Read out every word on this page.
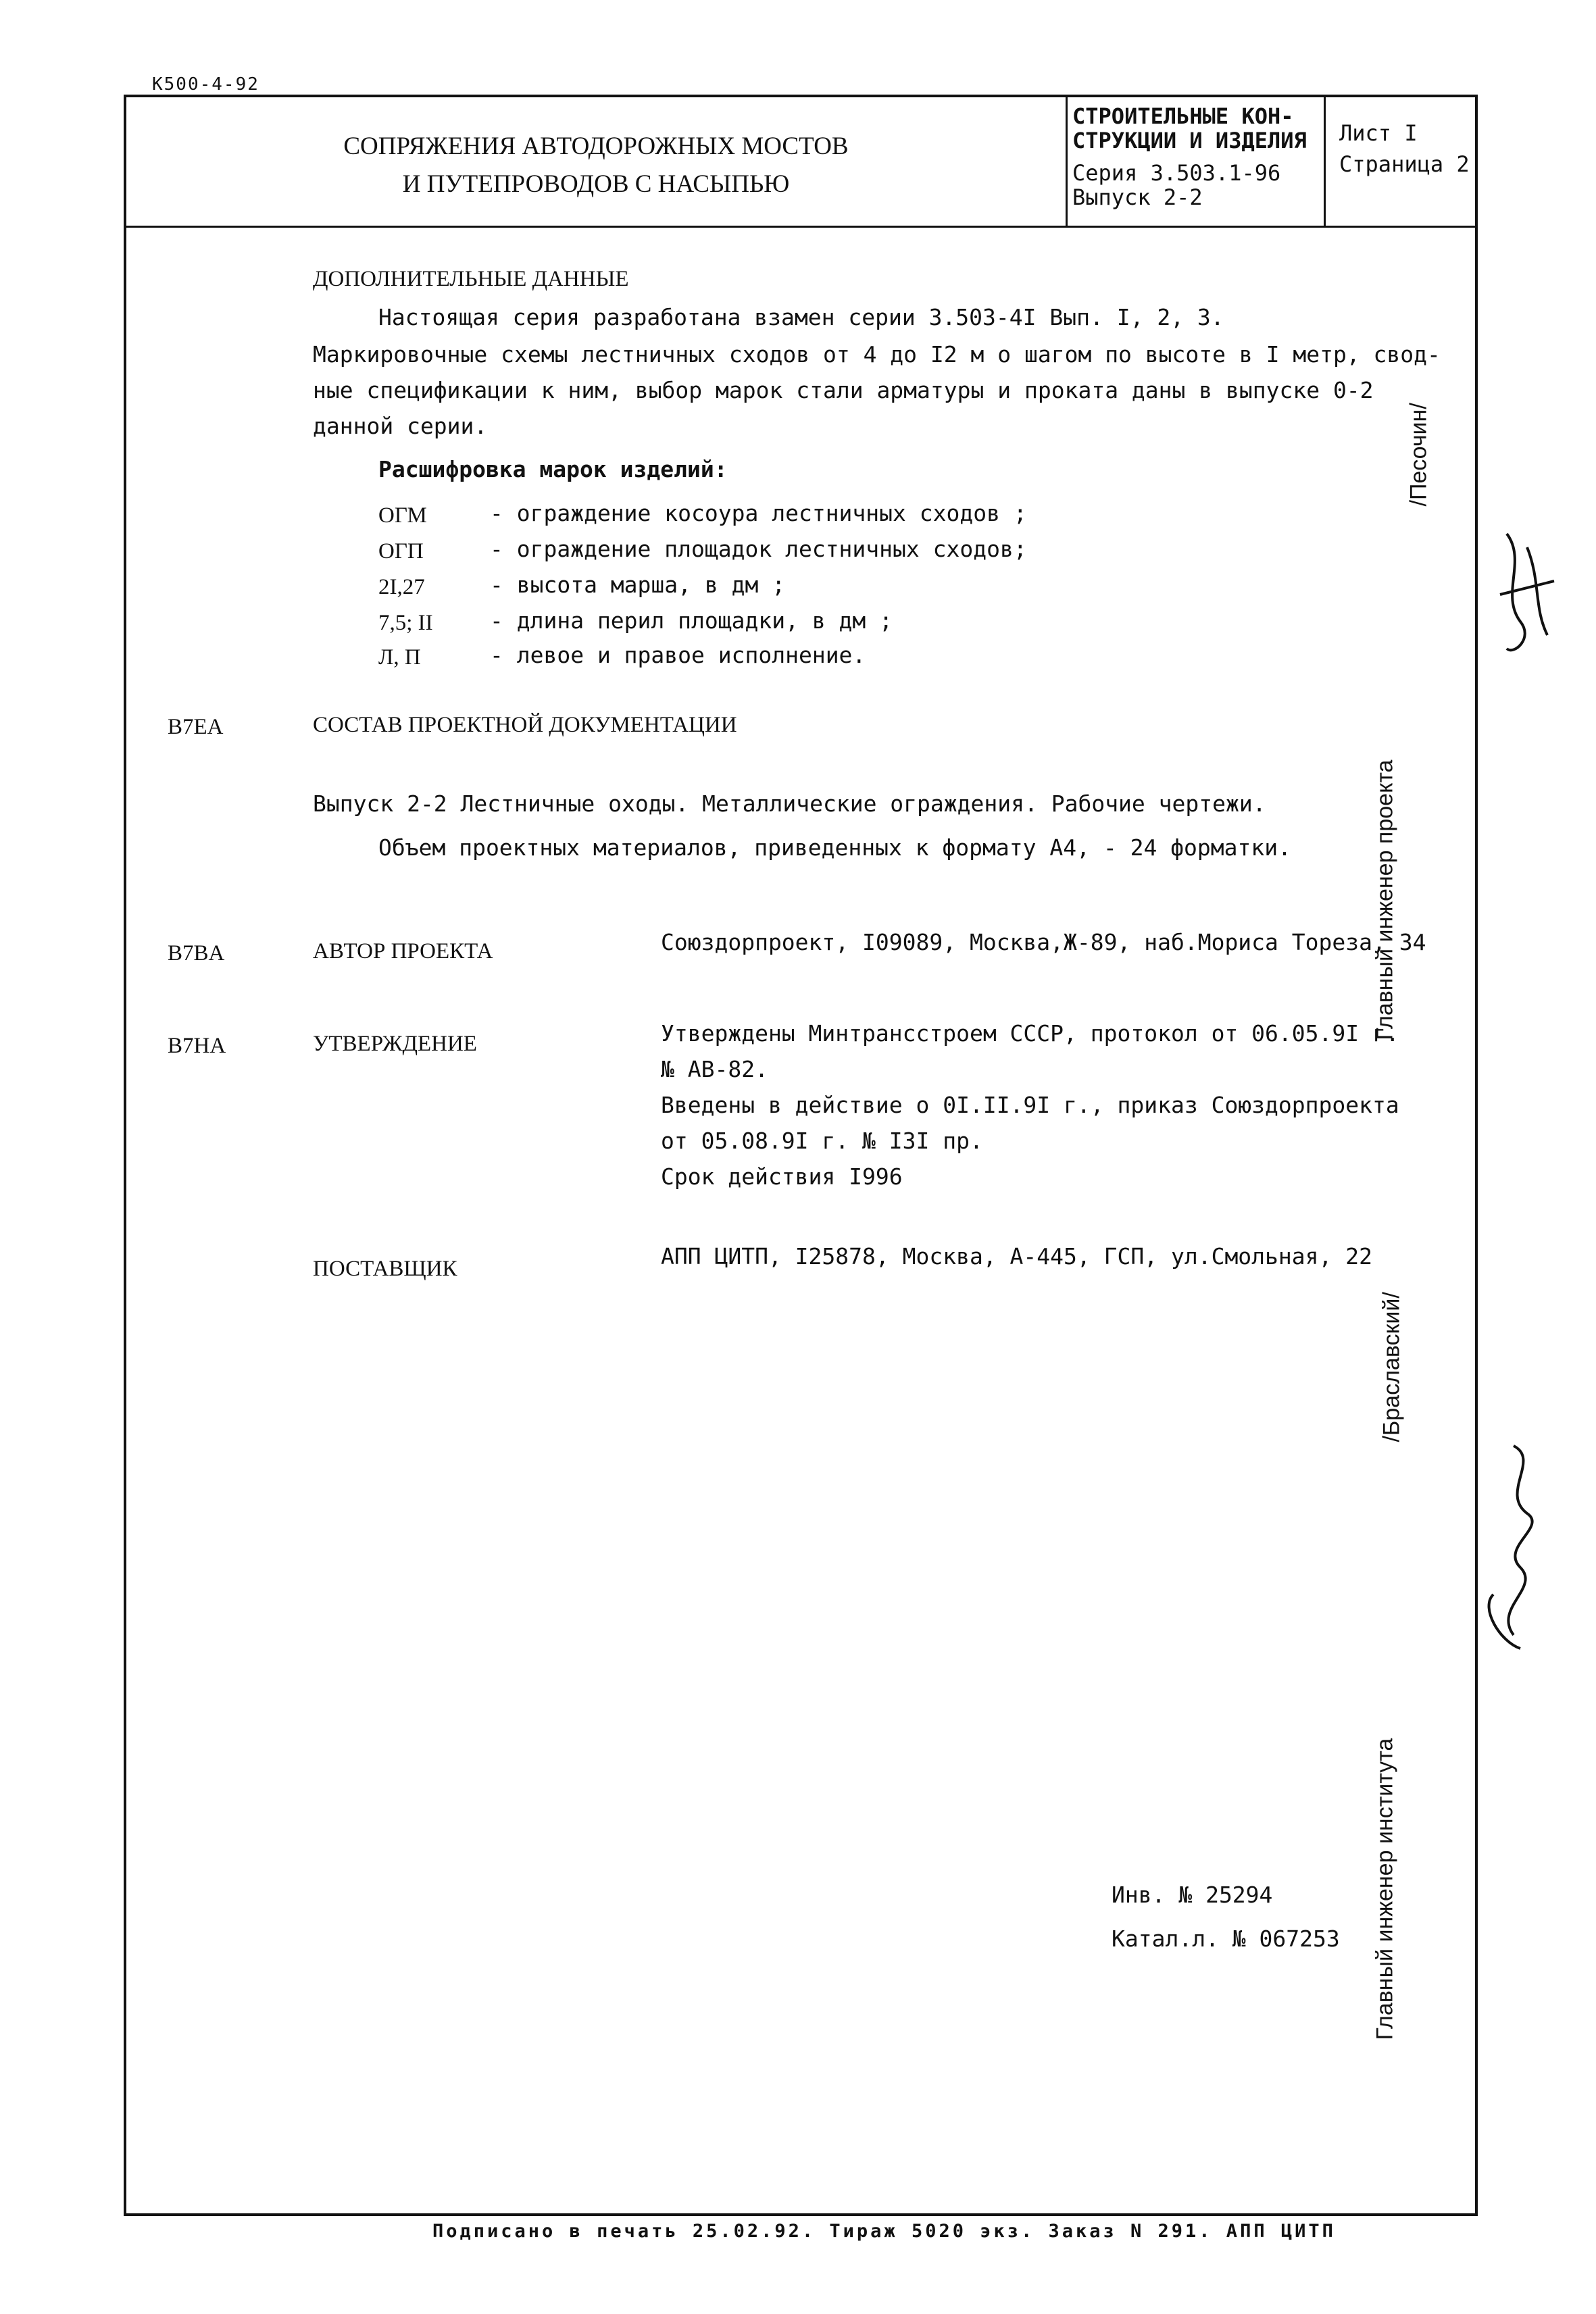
К500-4-92
СОПРЯЖЕНИЯ АВТОДОРОЖНЫХ МОСТОВ
И ПУТЕПРОВОДОВ С НАСЫПЬЮ
СТРОИТЕЛЬНЫЕ КОН-
СТРУКЦИИ И ИЗДЕЛИЯ
Серия 3.503.1-96
Выпуск 2-2
Лист I
Страница 2
ДОПОЛНИТЕЛЬНЫЕ ДАННЫЕ
Настоящая серия разработана взамен серии 3.503-4I Вып. I, 2, 3.
Маркировочные схемы лестничных сходов от 4 до I2 м о шагом по высоте в I метр, свод-
ные спецификации к ним, выбор марок стали арматуры и проката даны в выпуске 0-2
данной серии.
Расшифровка марок изделий:
ОГМ	- ограждение косоура лестничных сходов ;
ОГП	- ограждение площадок лестничных сходов;
2I,27	- высота марша, в дм ;
7,5; II	- длина перил площадки, в дм ;
Л, П	- левое и правое исполнение.
B7EA	СОСТАВ ПРОЕКТНОЙ ДОКУМЕНТАЦИИ
Выпуск 2-2 Лестничные оходы. Металлические ограждения. Рабочие чертежи.
Объем проектных материалов, приведенных к формату А4, - 24 форматки.
B7BA	АВТОР ПРОЕКТА	Союздорпроект, I09089, Москва,Ж-89, наб.Мориса Тореза, 34
B7HA	УТВЕРЖДЕНИЕ	Утверждены Минтрансстроем СССР, протокол от 06.05.9I г.
№ АВ-82.
Введены в действие о 0I.II.9I г., приказ Союздорпроекта
от 05.08.9I г. № I3I пр.
Срок действия I996
ПОСТАВЩИК	АПП ЦИТП, I25878, Москва, А-445, ГСП, ул.Смольная, 22
Инв. № 25294
Катал.л. № 067253
Главный инженер проекта
/Песочин/
Главный инженер института
/Браславский/
Подписано в печать 25.02.92. Тираж 5020 экз. Заказ N 291. АПП ЦИТП
